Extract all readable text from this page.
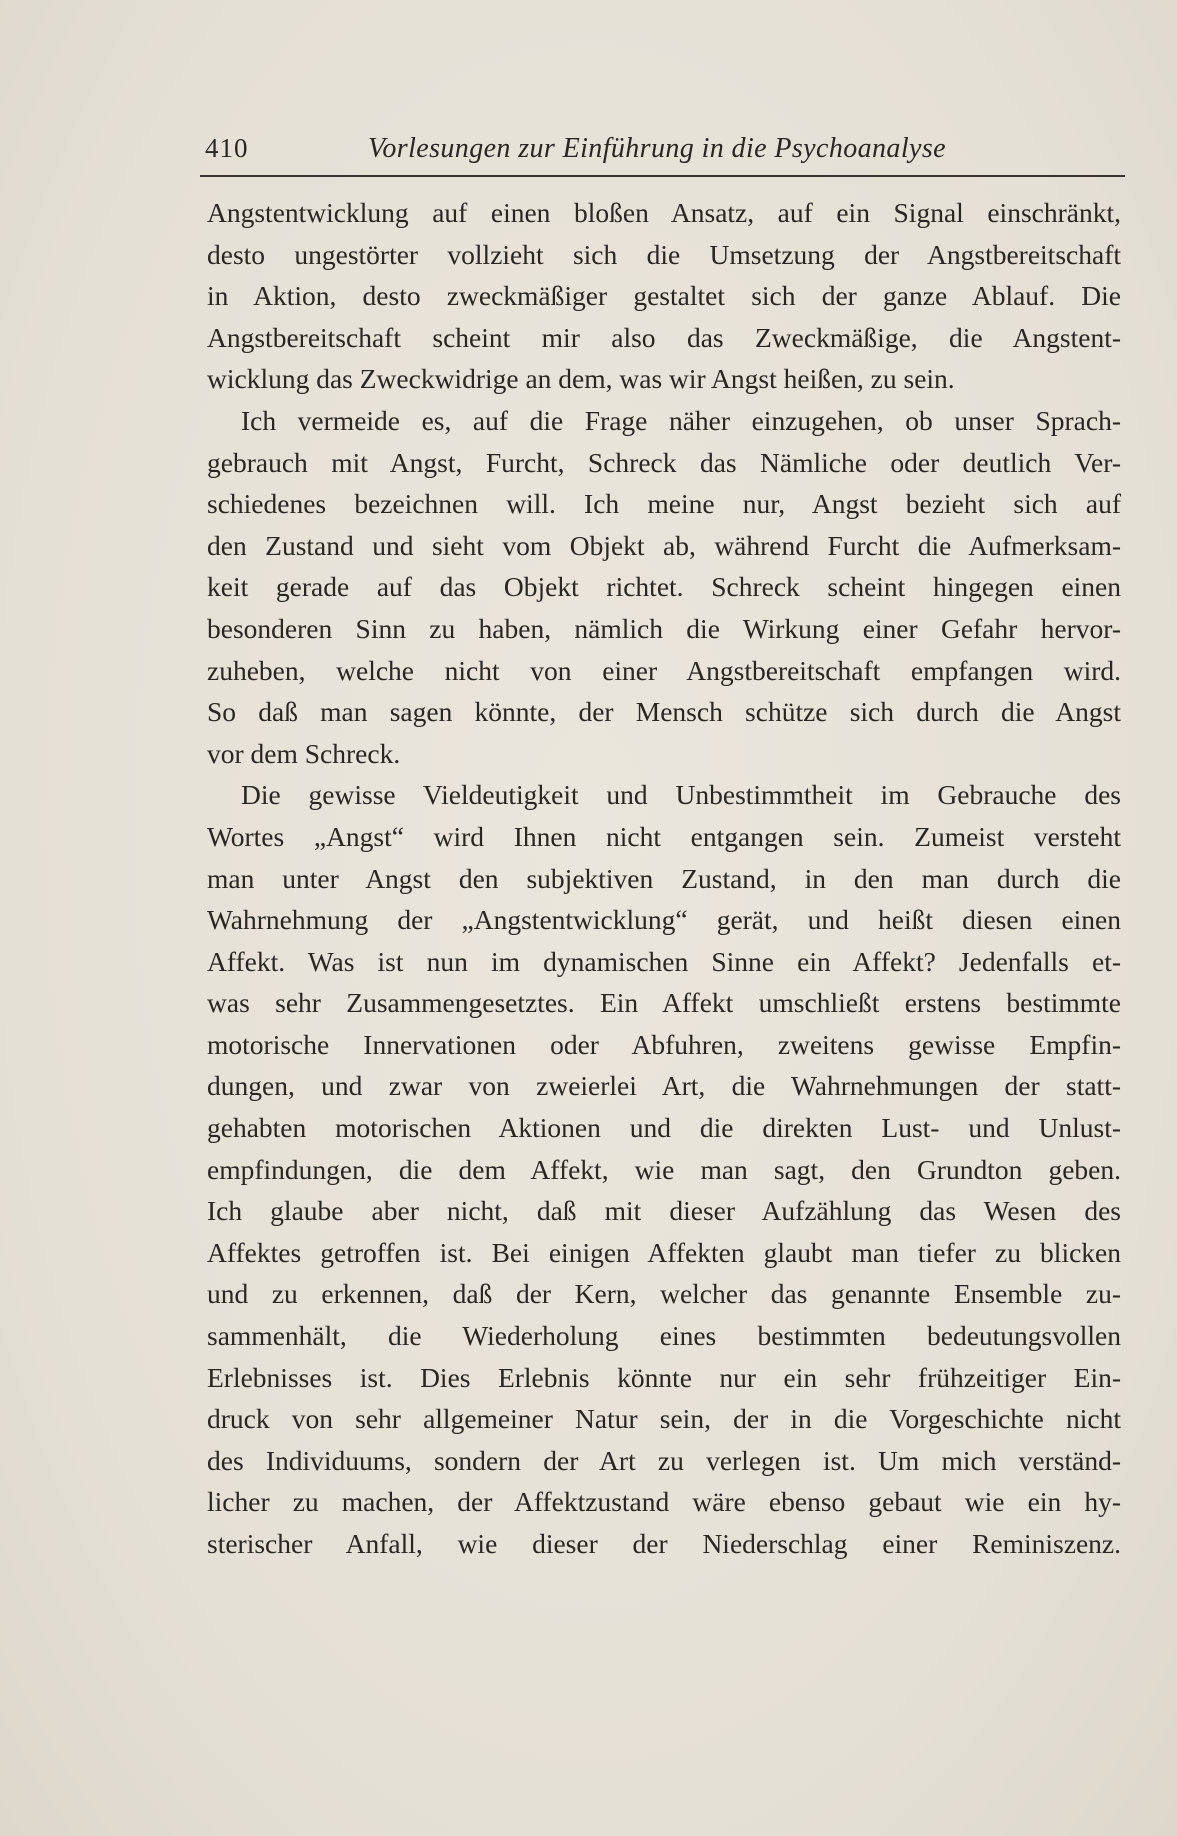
410	Vorlesungen zur Einführung in die Psychoanalyse
Angstentwicklung auf einen bloßen Ansatz, auf ein Signal einschränkt,
desto ungestörter vollzieht sich die Umsetzung der Angstbereitschaft
in Aktion, desto zweckmäßiger gestaltet sich der ganze Ablauf. Die
Angstbereitschaft scheint mir also das Zweckmäßige, die Angstent-
wicklung das Zweckwidrige an dem, was wir Angst heißen, zu sein.
Ich vermeide es, auf die Frage näher einzugehen, ob unser Sprach-
gebrauch mit Angst, Furcht, Schreck das Nämliche oder deutlich Ver-
schiedenes bezeichnen will. Ich meine nur, Angst bezieht sich auf
den Zustand und sieht vom Objekt ab, während Furcht die Aufmerksam-
keit gerade auf das Objekt richtet. Schreck scheint hingegen einen
besonderen Sinn zu haben, nämlich die Wirkung einer Gefahr hervor-
zuheben, welche nicht von einer Angstbereitschaft empfangen wird.
So daß man sagen könnte, der Mensch schütze sich durch die Angst
vor dem Schreck.
Die gewisse Vieldeutigkeit und Unbestimmtheit im Gebrauche des
Wortes „Angst“ wird Ihnen nicht entgangen sein. Zumeist versteht
man unter Angst den subjektiven Zustand, in den man durch die
Wahrnehmung der „Angstentwicklung“ gerät, und heißt diesen einen
Affekt. Was ist nun im dynamischen Sinne ein Affekt? Jedenfalls et-
was sehr Zusammengesetztes. Ein Affekt umschließt erstens bestimmte
motorische Innervationen oder Abfuhren, zweitens gewisse Empfin-
dungen, und zwar von zweierlei Art, die Wahrnehmungen der statt-
gehabten motorischen Aktionen und die direkten Lust- und Unlust-
empfindungen, die dem Affekt, wie man sagt, den Grundton geben.
Ich glaube aber nicht, daß mit dieser Aufzählung das Wesen des
Affektes getroffen ist. Bei einigen Affekten glaubt man tiefer zu blicken
und zu erkennen, daß der Kern, welcher das genannte Ensemble zu-
sammenhält, die Wiederholung eines bestimmten bedeutungsvollen
Erlebnisses ist. Dies Erlebnis könnte nur ein sehr frühzeitiger Ein-
druck von sehr allgemeiner Natur sein, der in die Vorgeschichte nicht
des Individuums, sondern der Art zu verlegen ist. Um mich verständ-
licher zu machen, der Affektzustand wäre ebenso gebaut wie ein hy-
sterischer Anfall, wie dieser der Niederschlag einer Reminiszenz.
